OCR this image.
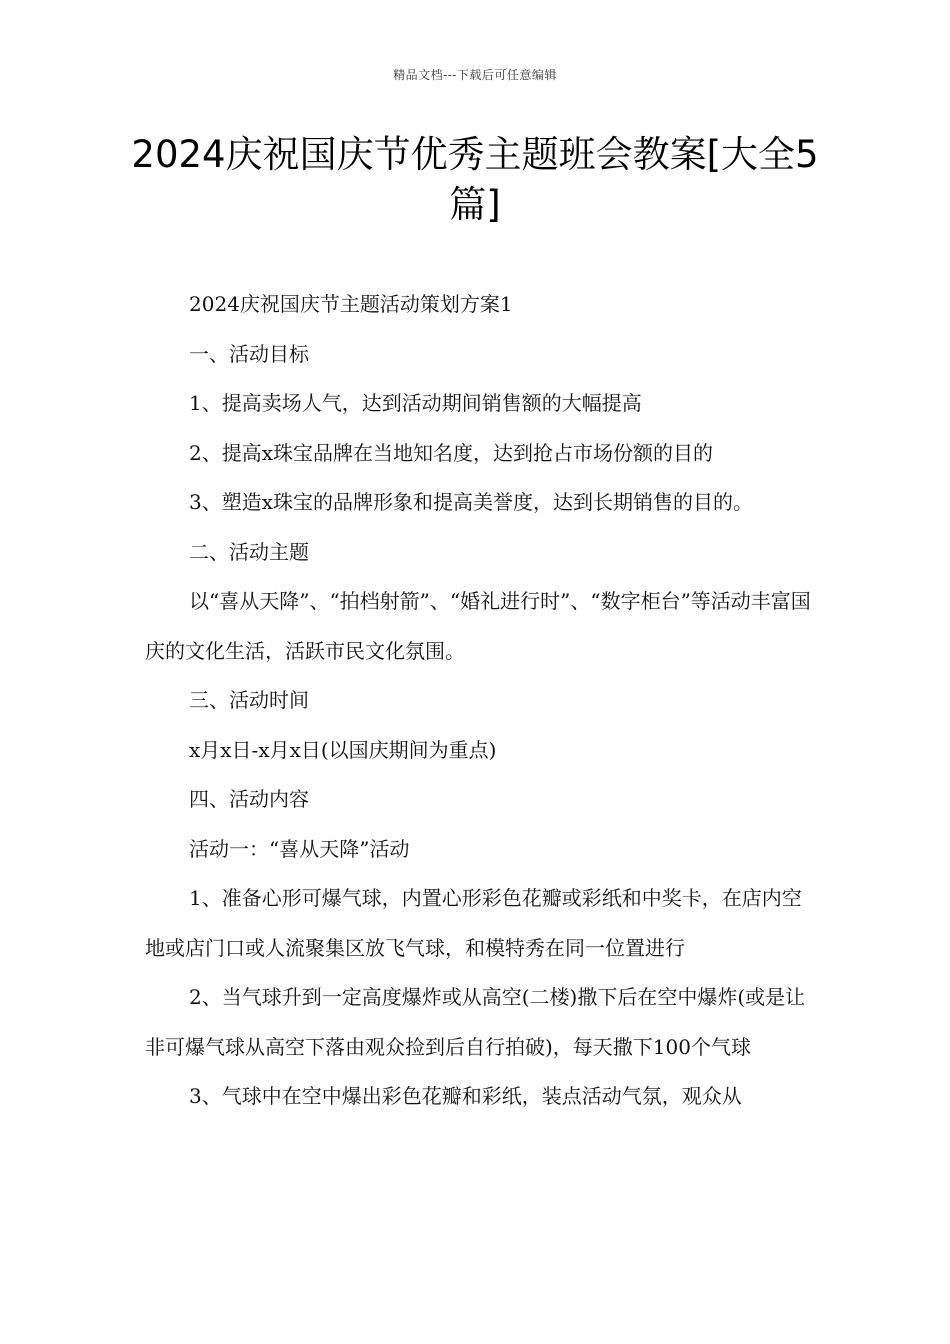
精品文档---下载后可任意编辑
2024庆祝国庆节优秀主题班会教案[大全5篇]

2024庆祝国庆节主题活动策划方案1

一、活动目标

1、提高卖场人气，达到活动期间销售额的大幅提高

2、提高x珠宝品牌在当地知名度，达到抢占市场份额的目的

3、塑造x珠宝的品牌形象和提高美誉度，达到长期销售的目的。

二、活动主题

以“喜从天降”、“拍档射箭”、“婚礼进行时”、“数字柜台”等活动丰富国庆的文化生活，活跃市民文化氛围。

三、活动时间

x月x日-x月x日(以国庆期间为重点)

四、活动内容

活动一：“喜从天降”活动

1、准备心形可爆气球，内置心形彩色花瓣或彩纸和中奖卡，在店内空地或店门口或人流聚集区放飞气球，和模特秀在同一位置进行

2、当气球升到一定高度爆炸或从高空(二楼)撒下后在空中爆炸(或是让非可爆气球从高空下落由观众捡到后自行拍破)，每天撒下100个气球

3、气球中在空中爆出彩色花瓣和彩纸，装点活动气氛，观众从
